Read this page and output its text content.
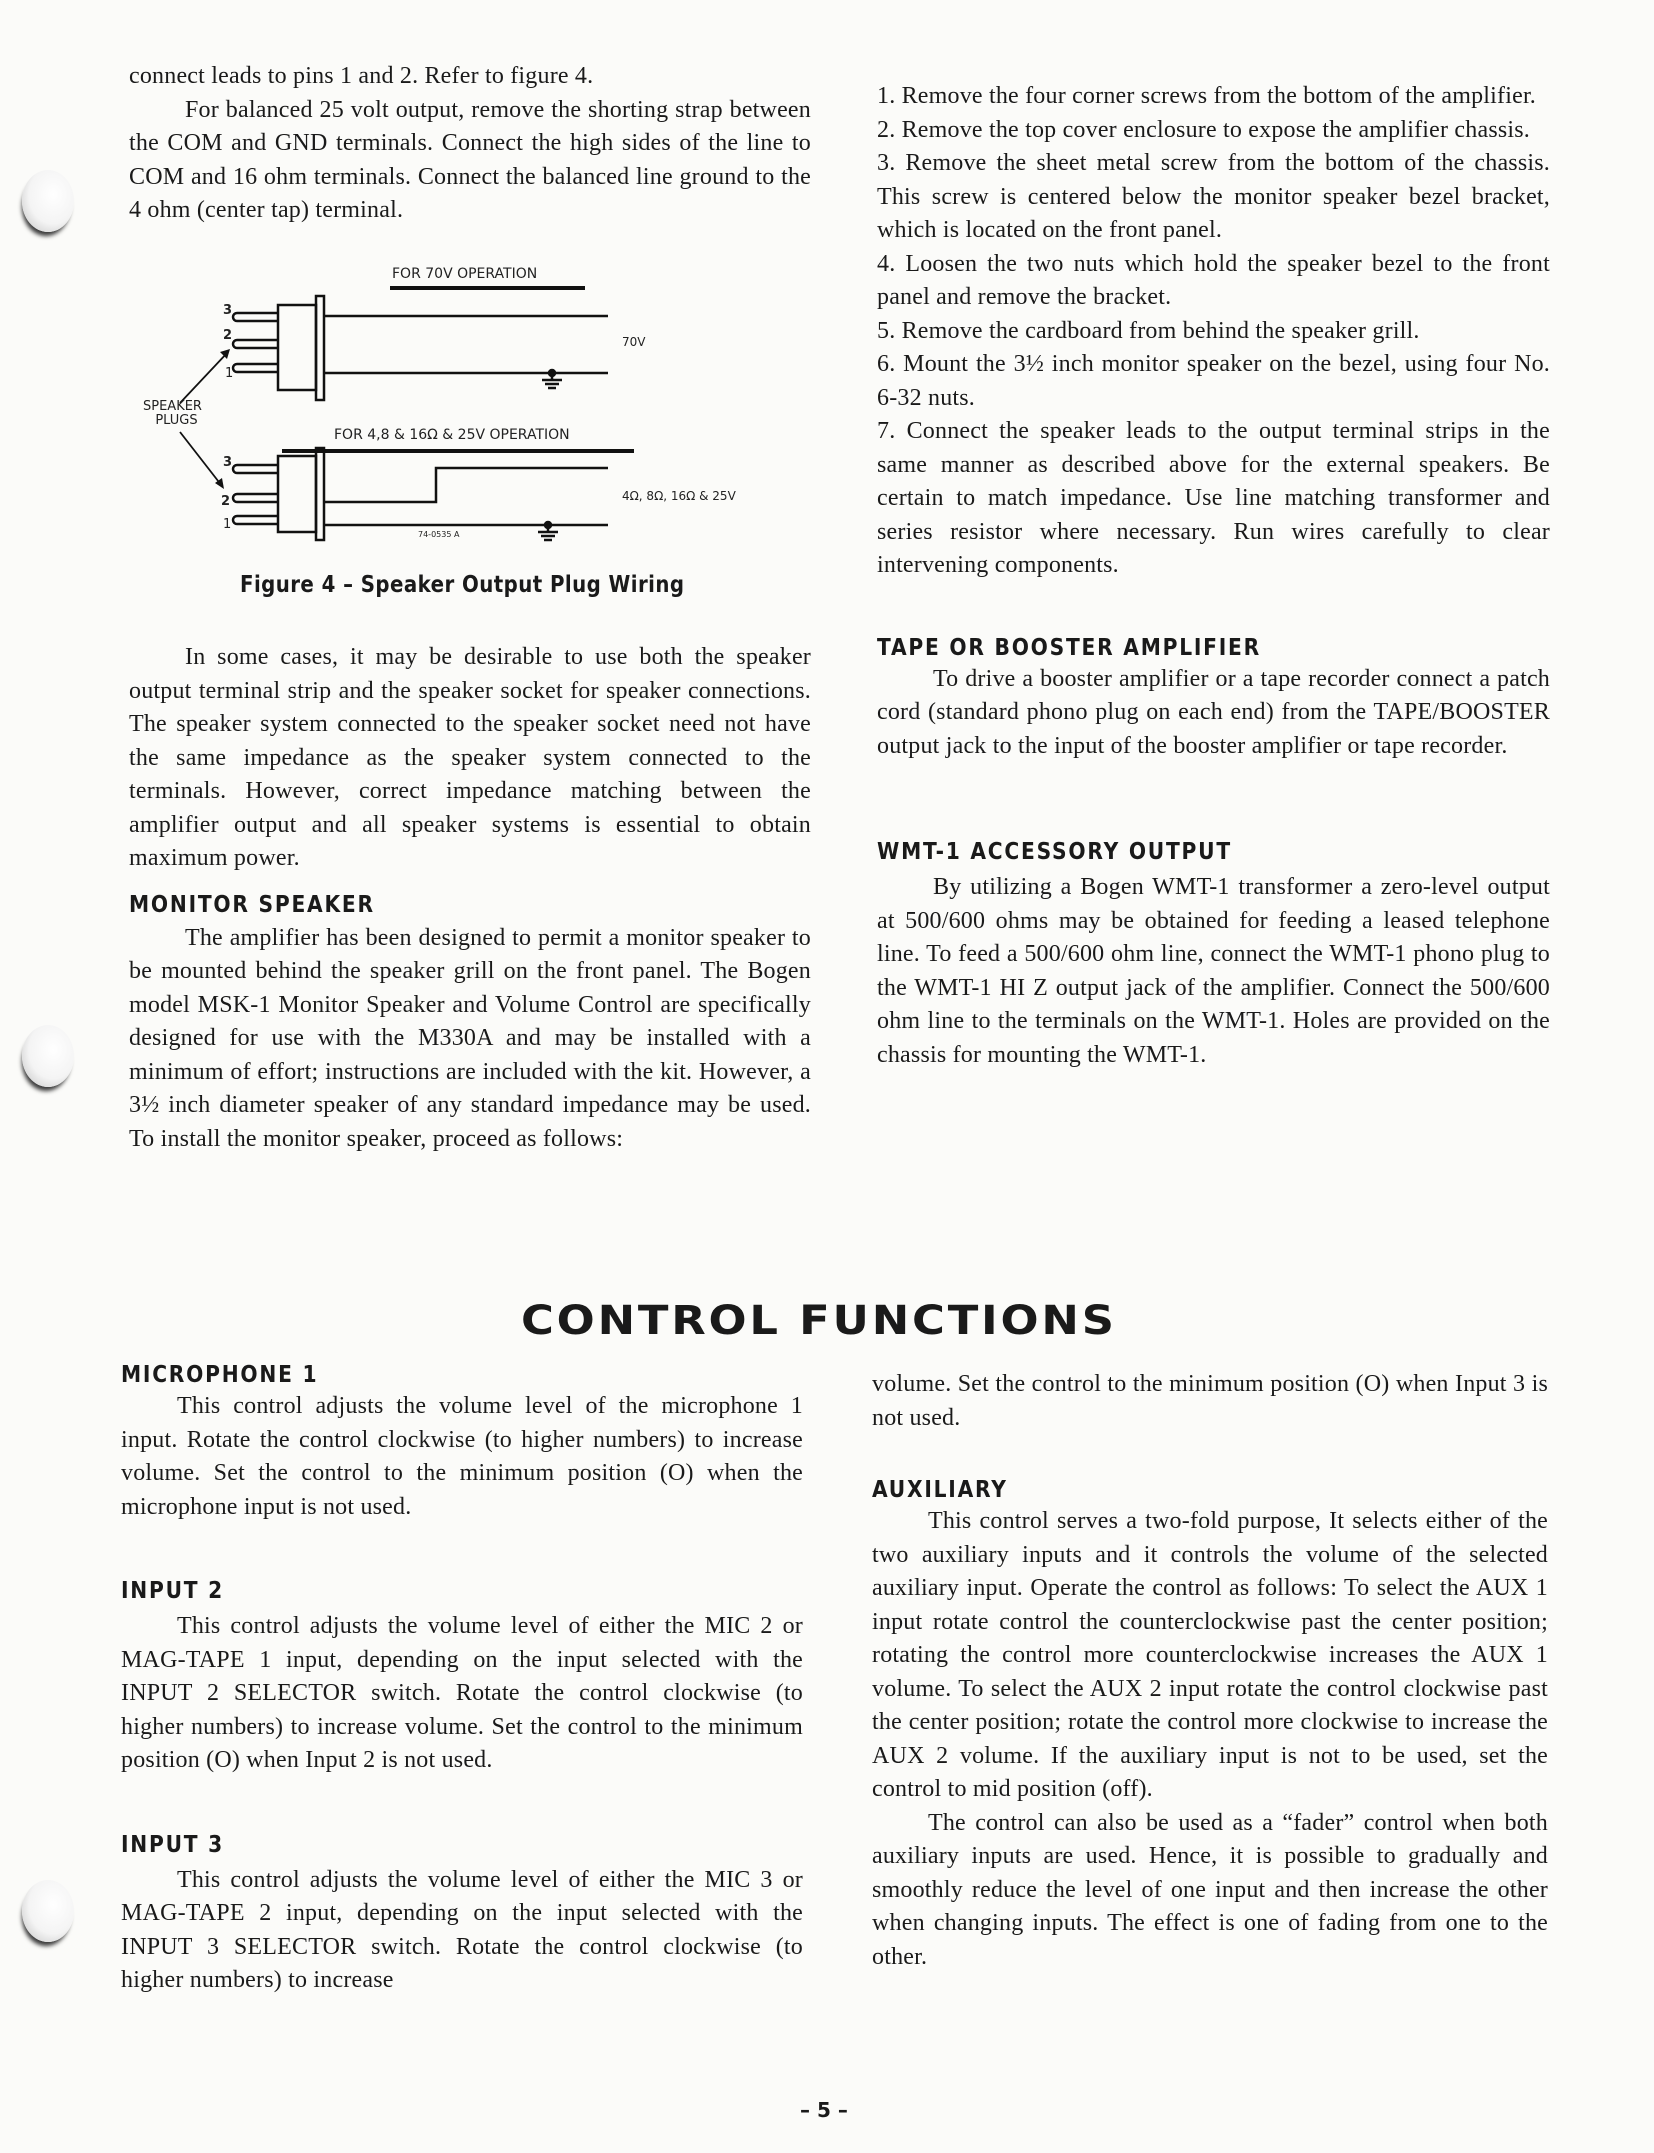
connect leads to pins 1 and 2. Refer to figure 4.

For balanced 25 volt output, remove the shorting strap between the COM and GND terminals. Connect the high sides of the line to COM and 16 ohm terminals. Connect the balanced line ground to the 4 ohm (center tap) terminal.

FOR 70V OPERATION
70V
FOR 4,8 & 16Ω & 25V OPERATION
4Ω, 8Ω, 16Ω & 25V
SPEAKER
PLUGS
3
2
1
3
2
1
74-0535 A
Figure 4 – Speaker Output Plug Wiring

In some cases, it may be desirable to use both the speaker output terminal strip and the speaker socket for speaker connections. The speaker system connected to the speaker socket need not have the same impedance as the speaker system connected to the terminals. However, correct impedance matching between the amplifier output and all speaker systems is essential to obtain maximum power.

MONITOR SPEAKER

The amplifier has been designed to permit a monitor speaker to be mounted behind the speaker grill on the front panel. The Bogen model MSK-1 Monitor Speaker and Volume Control are specifically designed for use with the M330A and may be installed with a minimum of effort; instructions are included with the kit. However, a 3½ inch diameter speaker of any standard impedance may be used. To install the monitor speaker, proceed as follows:

1. Remove the four corner screws from the bottom of the amplifier.

2. Remove the top cover enclosure to expose the amplifier chassis.

3. Remove the sheet metal screw from the bottom of the chassis. This screw is centered below the monitor speaker bezel bracket, which is located on the front panel.

4. Loosen the two nuts which hold the speaker bezel to the front panel and remove the bracket.

5. Remove the cardboard from behind the speaker grill.

6. Mount the 3½ inch monitor speaker on the bezel, using four No. 6-32 nuts.

7. Connect the speaker leads to the output terminal strips in the same manner as described above for the external speakers. Be certain to match impedance. Use line matching transformer and series resistor where necessary. Run wires carefully to clear intervening components.

TAPE OR BOOSTER AMPLIFIER

To drive a booster amplifier or a tape recorder connect a patch cord (standard phono plug on each end) from the TAPE/BOOSTER output jack to the input of the booster amplifier or tape recorder.

WMT-1 ACCESSORY OUTPUT

By utilizing a Bogen WMT-1 transformer a zero-level output at 500/600 ohms may be obtained for feeding a leased telephone line. To feed a 500/600 ohm line, connect the WMT-1 phono plug to the WMT-1 HI Z output jack of the amplifier. Connect the 500/600 ohm line to the terminals on the WMT-1. Holes are provided on the chassis for mounting the WMT-1.

CONTROL FUNCTIONS
MICROPHONE 1

This control adjusts the volume level of the microphone 1 input. Rotate the control clockwise (to higher numbers) to increase volume. Set the control to the minimum position (O) when the microphone input is not used.

INPUT 2

This control adjusts the volume level of either the MIC 2 or MAG-TAPE 1 input, depending on the input selected with the INPUT 2 SELECTOR switch. Rotate the control clockwise (to higher numbers) to increase volume. Set the control to the minimum position (O) when Input 2 is not used.

INPUT 3

This control adjusts the volume level of either the MIC 3 or MAG-TAPE 2 input, depending on the input selected with the INPUT 3 SELECTOR switch. Rotate the control clockwise (to higher numbers) to increase

volume. Set the control to the minimum position (O) when Input 3 is not used.

AUXILIARY

This control serves a two-fold purpose, It selects either of the two auxiliary inputs and it controls the volume of the selected auxiliary input. Operate the control as follows: To select the AUX 1 input rotate control the counterclockwise past the center position; rotating the control more counterclockwise increases the AUX 1 volume. To select the AUX 2 input rotate the control clockwise past the center position; rotate the control more clockwise to increase the AUX 2 volume. If the auxiliary input is not to be used, set the control to mid position (off).

The control can also be used as a “fader” control when both auxiliary inputs are used. Hence, it is possible to gradually and smoothly reduce the level of one input and then increase the other when changing inputs. The effect is one of fading from one to the other.

– 5 –
